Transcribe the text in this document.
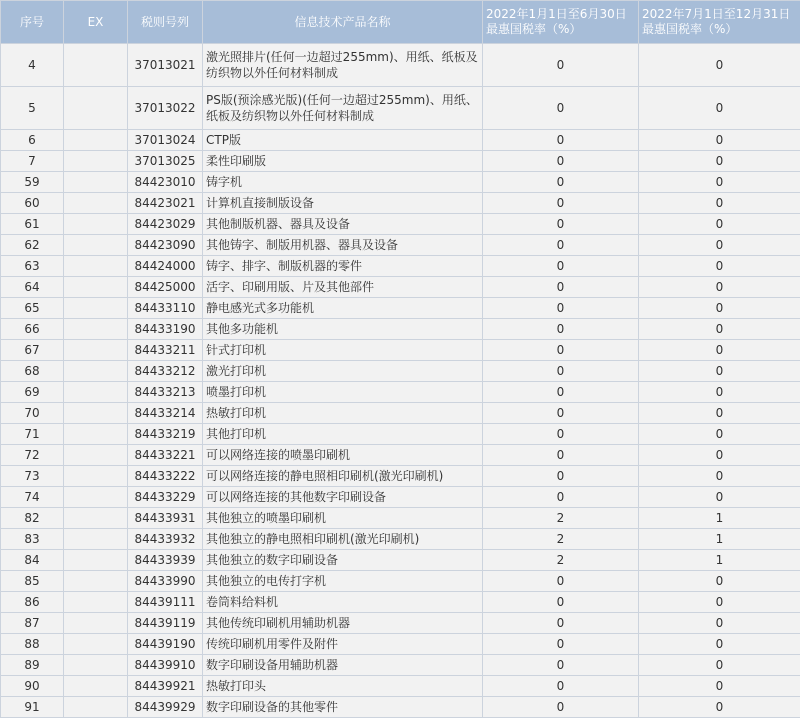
序号	EX	税则号列	信息技术产品名称	2022年1月1日至6月30日最惠国税率（%）	2022年7月1日至12月31日最惠国税率（%）
4		37013021	激光照排片(任何一边超过255mm)、用纸、纸板及纺织物以外任何材料制成	0	0
5		37013022	PS版(预涂感光版)(任何一边超过255mm)、用纸、纸板及纺织物以外任何材料制成	0	0
6		37013024	CTP版	0	0
7		37013025	柔性印刷版	0	0
59		84423010	铸字机	0	0
60		84423021	计算机直接制版设备	0	0
61		84423029	其他制版机器、器具及设备	0	0
62		84423090	其他铸字、制版用机器、器具及设备	0	0
63		84424000	铸字、排字、制版机器的零件	0	0
64		84425000	活字、印刷用版、片及其他部件	0	0
65		84433110	静电感光式多功能机	0	0
66		84433190	其他多功能机	0	0
67		84433211	针式打印机	0	0
68		84433212	激光打印机	0	0
69		84433213	喷墨打印机	0	0
70		84433214	热敏打印机	0	0
71		84433219	其他打印机	0	0
72		84433221	可以网络连接的喷墨印刷机	0	0
73		84433222	可以网络连接的静电照相印刷机(激光印刷机)	0	0
74		84433229	可以网络连接的其他数字印刷设备	0	0
82		84433931	其他独立的喷墨印刷机	2	1
83		84433932	其他独立的静电照相印刷机(激光印刷机)	2	1
84		84433939	其他独立的数字印刷设备	2	1
85		84433990	其他独立的电传打字机	0	0
86		84439111	卷筒料给料机	0	0
87		84439119	其他传统印刷机用辅助机器	0	0
88		84439190	传统印刷机用零件及附件	0	0
89		84439910	数字印刷设备用辅助机器	0	0
90		84439921	热敏打印头	0	0
91		84439929	数字印刷设备的其他零件	0	0
